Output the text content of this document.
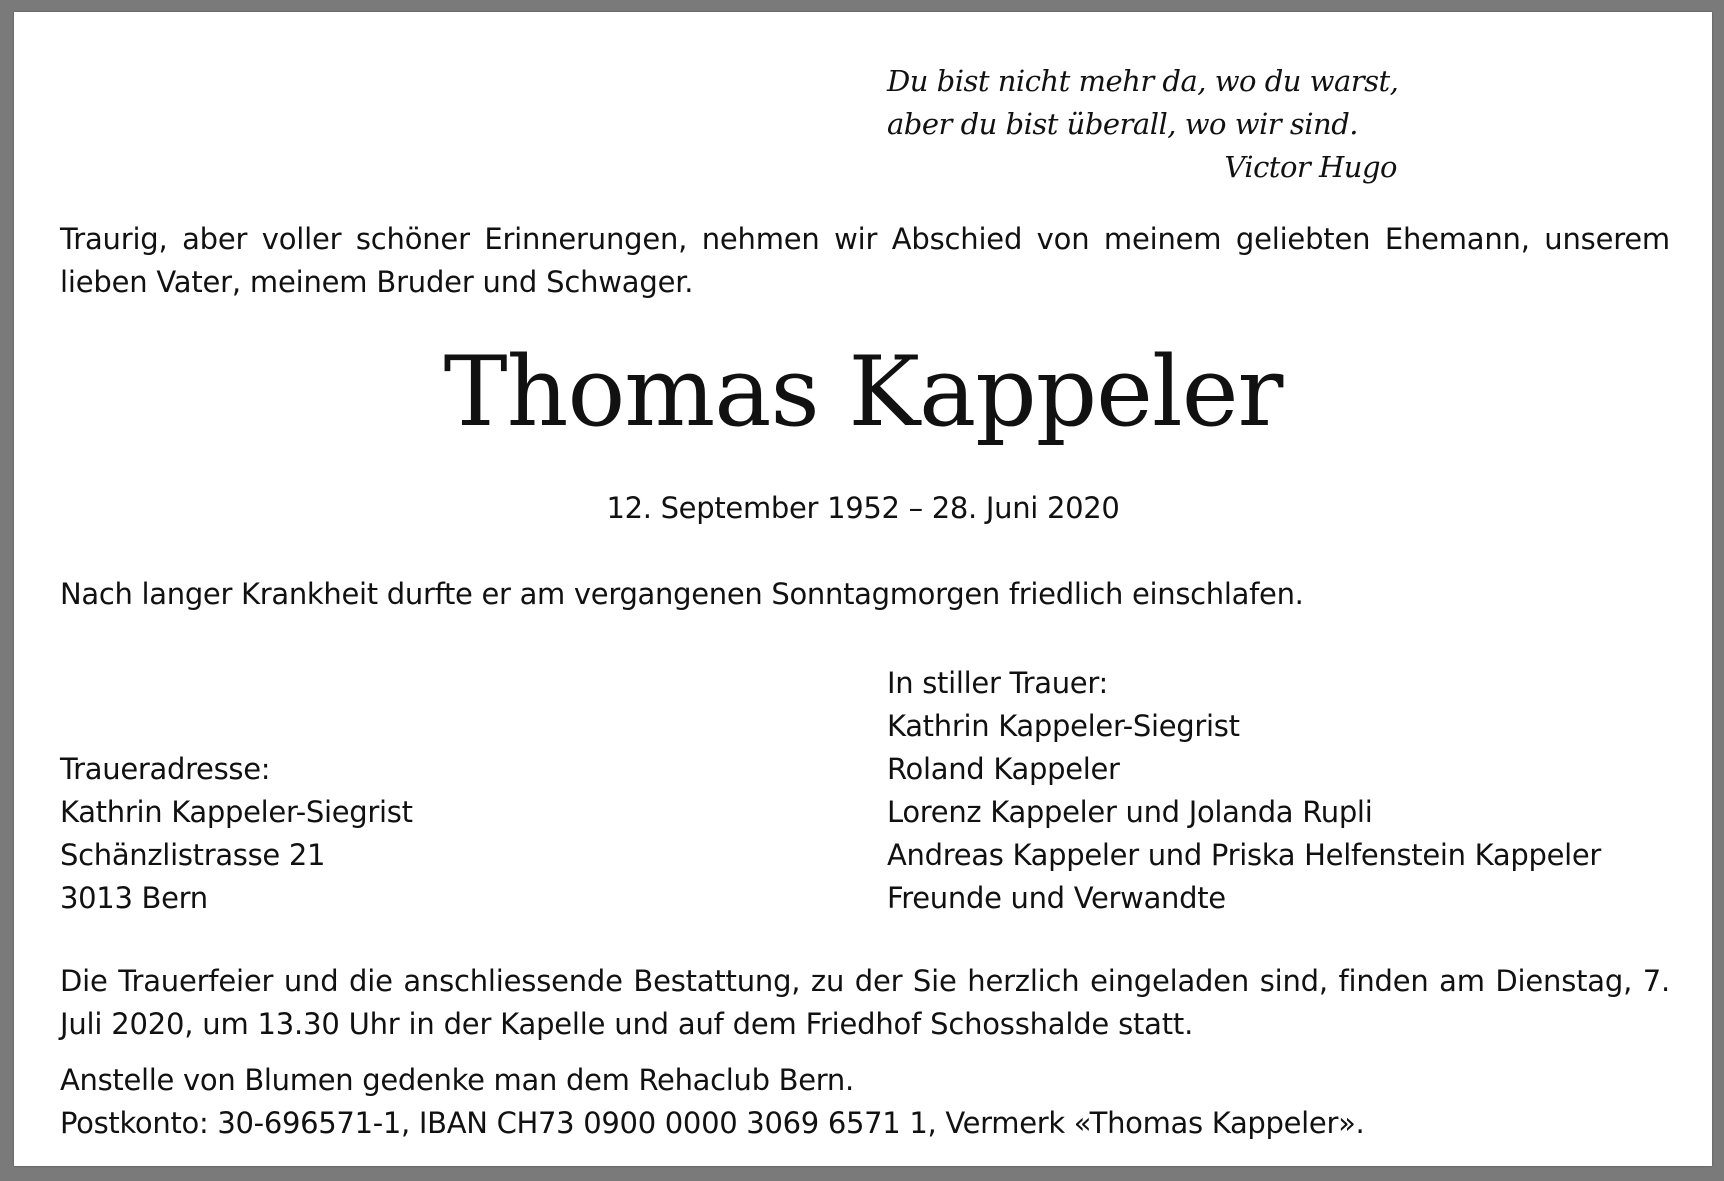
Du bist nicht mehr da, wo du warst,
aber du bist überall, wo wir sind.
Victor Hugo

Traurig, aber voller schöner Erinnerungen, nehmen wir Abschied von meinem geliebten Ehemann, unserem lieben Vater, meinem Bruder und Schwager.

Thomas Kappeler
12. September 1952 – 28. Juni 2020

Nach langer Krankheit durfte er am vergangenen Sonntagmorgen friedlich einschlafen.

In stiller Trauer:
Kathrin Kappeler-Siegrist
Roland Kappeler
Lorenz Kappeler und Jolanda Rupli
Andreas Kappeler und Priska Helfenstein Kappeler
Freunde und Verwandte
Traueradresse:
Kathrin Kappeler-Siegrist
Schänzlistrasse 21
3013 Bern

Die Trauerfeier und die anschliessende Bestattung, zu der Sie herzlich eingeladen sind, finden am Dienstag, 7. Juli 2020, um 13.30 Uhr in der Kapelle und auf dem Friedhof Schosshalde statt.

Anstelle von Blumen gedenke man dem Rehaclub Bern.
Postkonto: 30-696571-1, IBAN CH73 0900 0000 3069 6571 1, Vermerk «Thomas Kappeler».
